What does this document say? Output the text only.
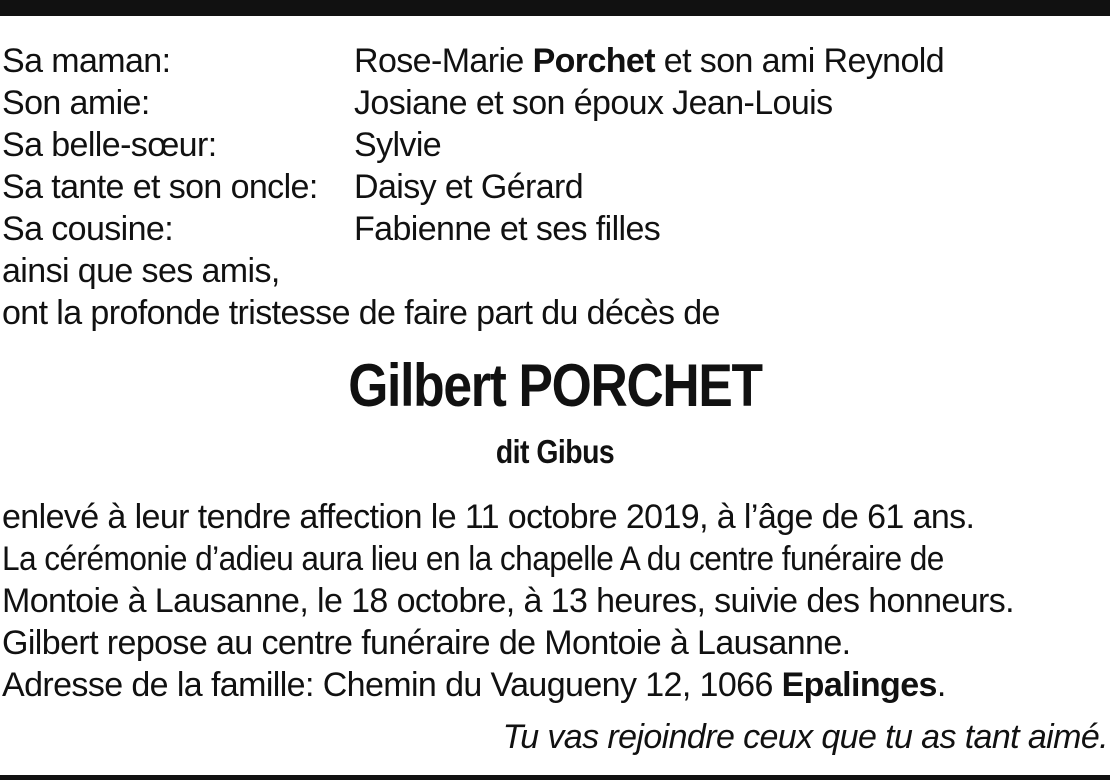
Sa maman:	Rose-Marie Porchet et son ami Reynold
Son amie:	Josiane et son époux Jean-Louis
Sa belle-sœur:	Sylvie
Sa tante et son oncle:	Daisy et Gérard
Sa cousine:	Fabienne et ses filles
ainsi que ses amis,
ont la profonde tristesse de faire part du décès de
Gilbert PORCHET
dit Gibus
enlevé à leur tendre affection le 11 octobre 2019, à l’âge de 61 ans.
La cérémonie d’adieu aura lieu en la chapelle A du centre funéraire de
Montoie à Lausanne, le 18 octobre, à 13 heures, suivie des honneurs.
Gilbert repose au centre funéraire de Montoie à Lausanne.
Adresse de la famille: Chemin du Vaugueny 12, 1066 Epalinges.
Tu vas rejoindre ceux que tu as tant aimé.
